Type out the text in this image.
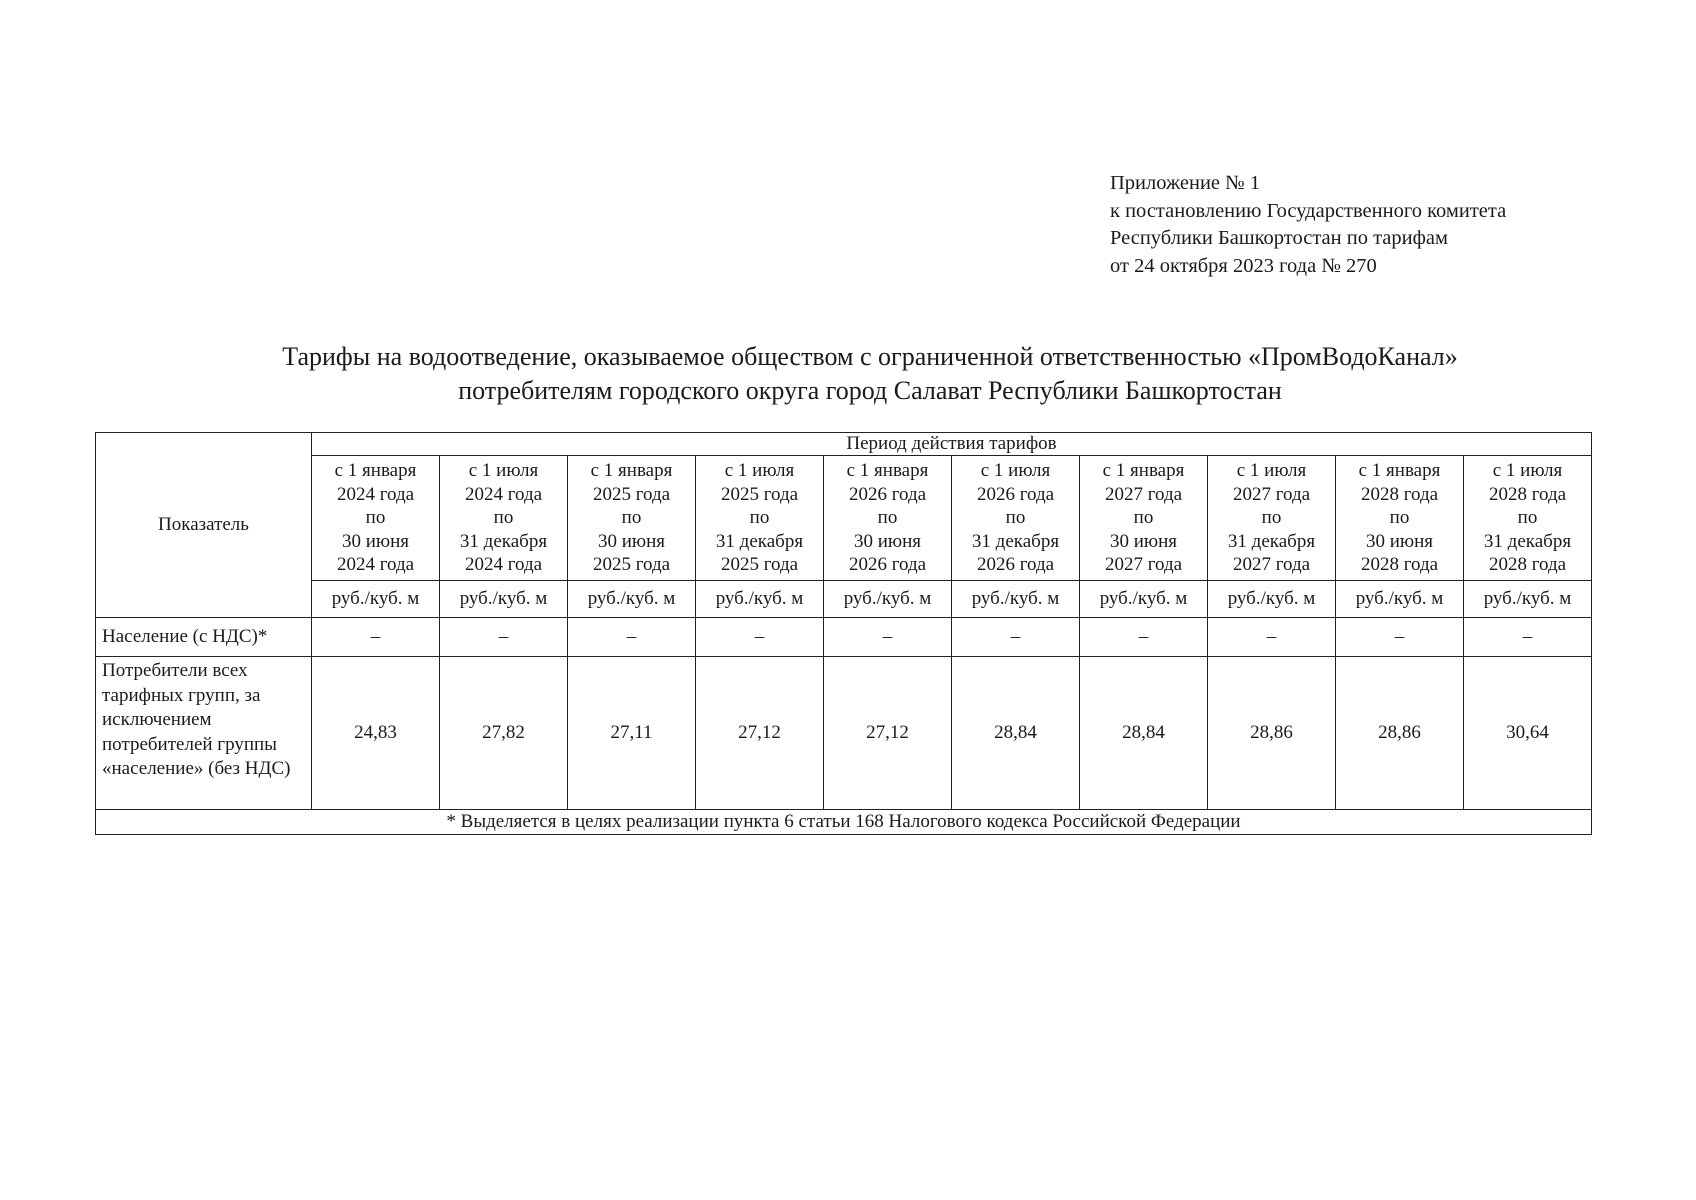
Приложение № 1
к постановлению Государственного комитета
Республики Башкортостан по тарифам
от 24 октября 2023 года № 270
Тарифы на водоотведение, оказываемое обществом с ограниченной ответственностью «ПромВодоКанал»
потребителям городского округа город Салават Республики Башкортостан
Показатель	Период действия тарифов									

	с 1 января
2024 года
по
30 июня
2024 года	с 1 июля
2024 года
по
31 декабря
2024 года	с 1 января
2025 года
по
30 июня
2025 года	с 1 июля
2025 года
по
31 декабря
2025 года	с 1 января
2026 года
по
30 июня
2026 года	с 1 июля
2026 года
по
31 декабря
2026 года	с 1 января
2027 года
по
30 июня
2027 года	с 1 июля
2027 года
по
31 декабря
2027 года	с 1 января
2028 года
по
30 июня
2028 года	с 1 июля
2028 года
по
31 декабря
2028 года

	руб./куб. м	руб./куб. м	руб./куб. м	руб./куб. м	руб./куб. м	руб./куб. м	руб./куб. м	руб./куб. м	руб./куб. м	руб./куб. м
Население (с НДС)*	–	–	–	–	–	–	–	–	–	–
Потребители всех тарифных групп, за исключением потребителей группы «население» (без НДС)	24,83	27,82	27,11	27,12	27,12	28,84	28,84	28,86	28,86	30,64
* Выделяется в целях реализации пункта 6 статьи 168 Налогового кодекса Российской Федерации										
